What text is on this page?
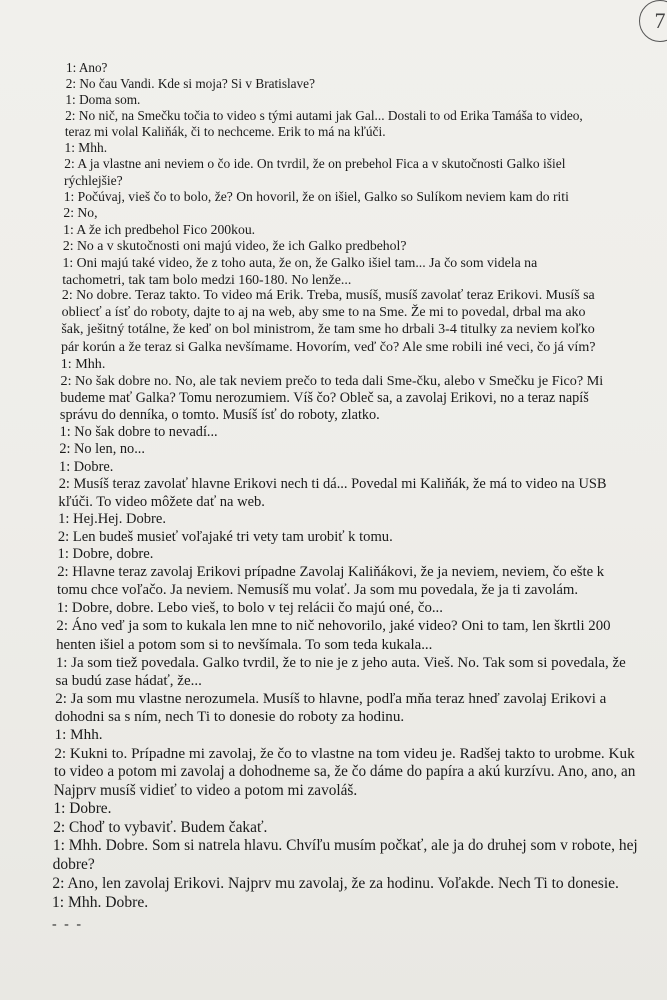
7
1: Ano?
2: No čau Vandi. Kde si moja? Si v Bratislave?
1: Doma som.
2: No nič, na Smečku točia to video s tými autami jak Gal... Dostali to od Erika Tamáša to video,
teraz mi volal Kaliňák, či to nechceme. Erik to má na kľúči.
1: Mhh.
2: A ja vlastne ani neviem o čo ide. On tvrdil, že on prebehol Fica a v skutočnosti Galko išiel
rýchlejšie?
1: Počúvaj, vieš čo to bolo, že? On hovoril, že on išiel, Galko so Sulíkom neviem kam do riti
2: No,
1: A že ich predbehol Fico 200kou.
2: No a v skutočnosti oni majú video, že ich Galko predbehol?
1: Oni majú také video, že z toho auta, že on, že Galko išiel tam... Ja čo som videla na
tachometri, tak tam bolo medzi 160-180. No lenže...
2: No dobre. Teraz takto. To video má Erik. Treba, musíš, musíš zavolať teraz Erikovi. Musíš sa
obliecť a ísť do roboty, dajte to aj na web, aby sme to na Sme. Že mi to povedal, drbal ma ako
šak, ješitný totálne, že keď on bol ministrom, že tam sme ho drbali 3-4 titulky za neviem koľko
pár korún a že teraz si Galka nevšímame. Hovorím, veď čo? Ale sme robili iné veci, čo já vím?
1: Mhh.
2: No šak dobre no. No, ale tak neviem prečo to teda dali Sme-čku, alebo v Smečku je Fico? Mi
budeme mať Galka? Tomu nerozumiem. Víš čo? Obleč sa, a zavolaj Erikovi, no a teraz napíš
správu do denníka, o tomto. Musíš ísť do roboty, zlatko.
1: No šak dobre to nevadí...
2: No len, no...
1: Dobre.
2: Musíš teraz zavolať hlavne Erikovi nech ti dá... Povedal mi Kaliňák, že má to video na USB
kľúči. To video môžete dať na web.
1: Hej.Hej. Dobre.
2: Len budeš musieť voľajaké tri vety tam urobiť k tomu.
1: Dobre, dobre.
2: Hlavne teraz zavolaj Erikovi prípadne Zavolaj Kaliňákovi, že ja neviem, neviem, čo ešte k
tomu chce voľačo. Ja neviem. Nemusíš mu volať. Ja som mu povedala, že ja ti zavolám.
1: Dobre, dobre. Lebo vieš, to bolo v tej relácii čo majú oné, čo...
2: Áno veď ja som to kukala len mne to nič nehovorilo, jaké video? Oni to tam, len škrtli 200
henten išiel a potom som si to nevšímala. To som teda kukala...
1: Ja som tiež povedala. Galko tvrdil, že to nie je z jeho auta. Vieš. No. Tak som si povedala, že
sa budú zase hádať, že...
2: Ja som mu vlastne nerozumela. Musíš to hlavne, podľa mňa teraz hneď zavolaj Erikovi a
dohodni sa s ním, nech Ti to donesie do roboty za hodinu.
1: Mhh.
2: Kukni to. Prípadne mi zavolaj, že čo to vlastne na tom videu je. Radšej takto to urobme. Kuk
to video a potom mi zavolaj a dohodneme sa, že čo dáme do papíra a akú kurzívu. Ano, ano, an
Najprv musíš vidieť to video a potom mi zavoláš.
1: Dobre.
2: Choď to vybaviť. Budem čakať.
1: Mhh. Dobre. Som si natrela hlavu. Chvíľu musím počkať, ale ja do druhej som v robote, hej
dobre?
2: Ano, len zavolaj Erikovi. Najprv mu zavolaj, že za hodinu. Voľakde. Nech Ti to donesie.
1: Mhh. Dobre.
- - -
